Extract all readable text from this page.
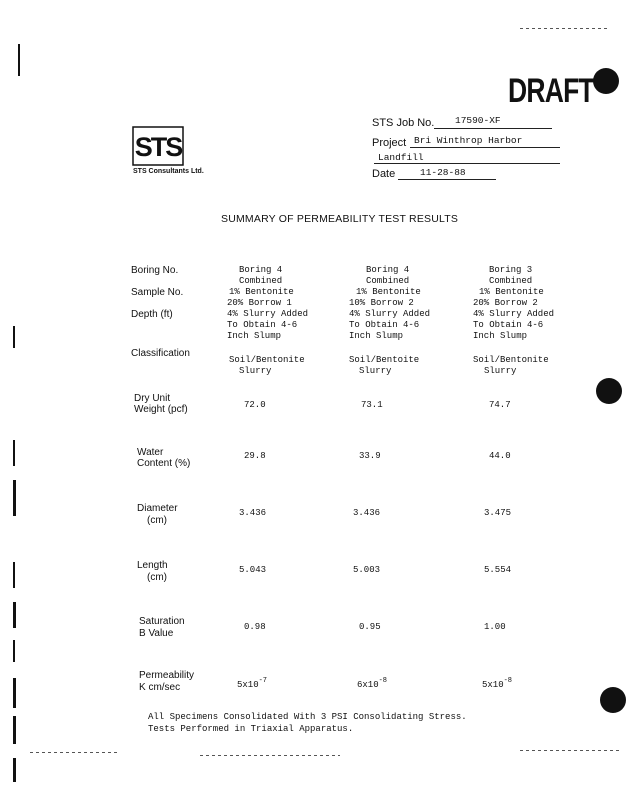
DRAFT
STS
STS Consultants Ltd.
STS Job No. 17590-XF
Project Bri Winthrop Harbor
Landfill
Date	11-28-88
SUMMARY OF PERMEABILITY TEST RESULTS
Boring No.
Sample No.
Depth (ft)
Classification
Dry Unit
Weight (pcf)
Water
Content (%)
Diameter
(cm)
Length
(cm)
Saturation
B Value
Permeability
K cm/sec
Boring 4
Combined
1% Bentonite
20% Borrow 1
4% Slurry Added
To Obtain 4-6
Inch Slump
Soil/Bentonite
Slurry
72.0
29.8
3.436
5.043
0.98
$5x10^{-7}$
Boring 4
Combined
1% Bentonite
10% Borrow 2
4% Slurry Added
To Obtain 4-6
Inch Slump
Soil/Bentoite
Slurry
73.1
33.9
3.436
5.003
0.95
$6x10^{-8}$
Boring 3
Combined
1% Bentonite
20% Borrow 2
4% Slurry Added
To Obtain 4-6
Inch Slump
Soil/Bentonite
Slurry
74.7
44.0
3.475
5.554
1.00
$5x10^{-8}$
All Specimens Consolidated With 3 PSI Consolidating Stress.
Tests Performed in Triaxial Apparatus.
